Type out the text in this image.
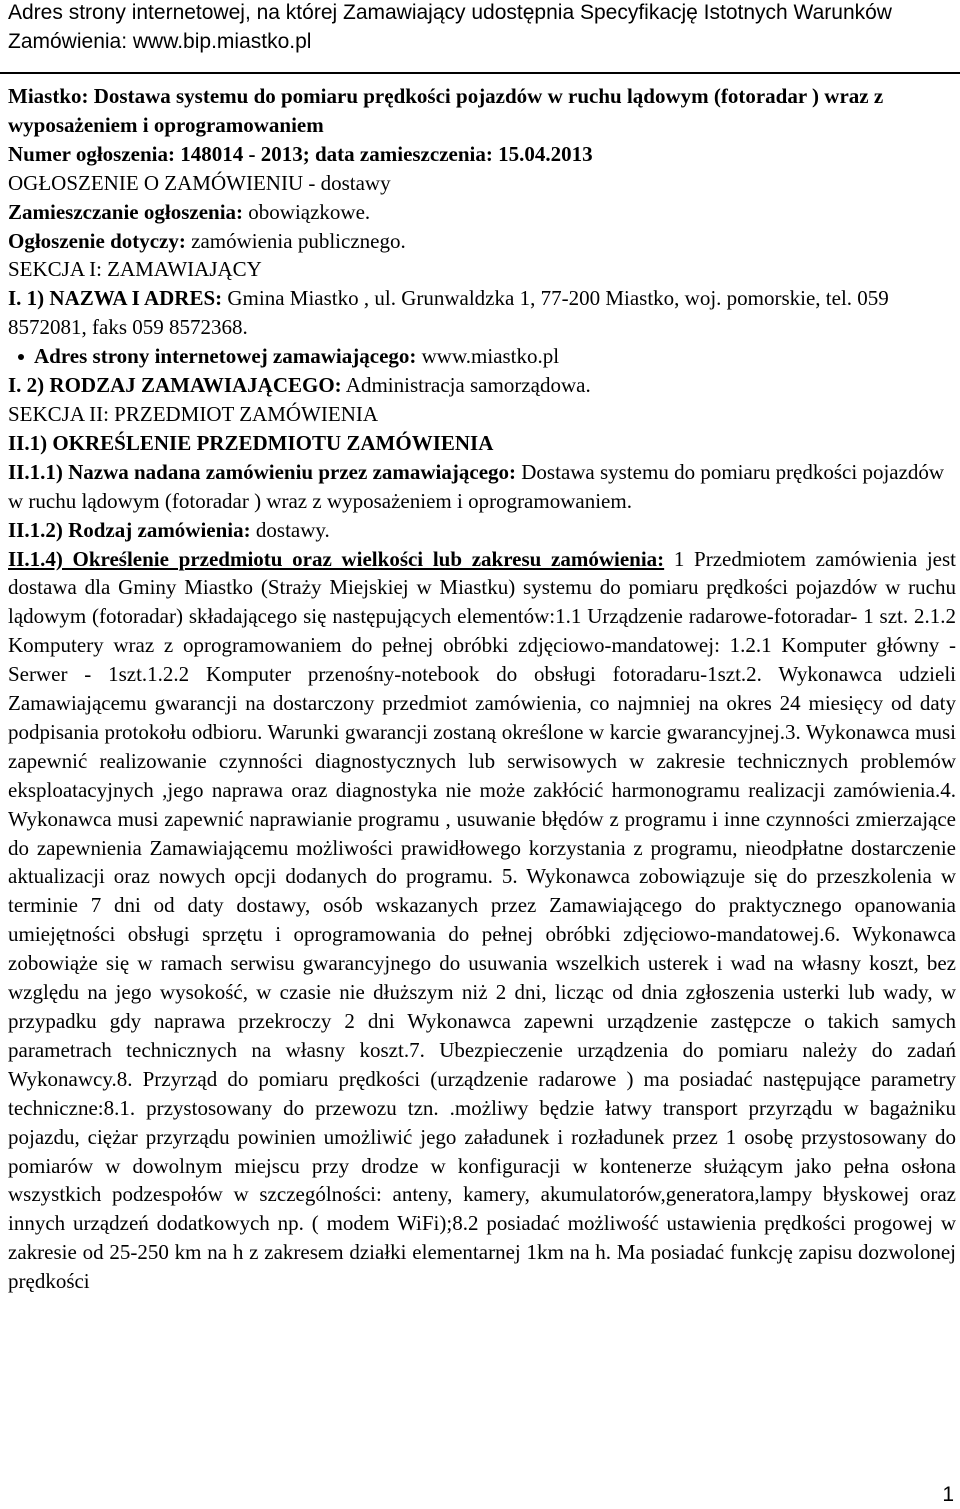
Adres strony internetowej, na której Zamawiający udostępnia Specyfikację Istotnych Warunków Zamówienia: www.bip.miastko.pl

Miastko: Dostawa systemu do pomiaru prędkości pojazdów w ruchu lądowym (fotoradar ) wraz z wyposażeniem i oprogramowaniem

Numer ogłoszenia: 148014 - 2013; data zamieszczenia: 15.04.2013

OGŁOSZENIE O ZAMÓWIENIU - dostawy

Zamieszczanie ogłoszenia: obowiązkowe.

Ogłoszenie dotyczy: zamówienia publicznego.

SEKCJA I: ZAMAWIAJĄCY

I. 1) NAZWA I ADRES: Gmina Miastko , ul. Grunwaldzka 1, 77-200 Miastko, woj. pomorskie, tel. 059 8572081, faks 059 8572368.

Adres strony internetowej zamawiającego: www.miastko.pl

I. 2) RODZAJ ZAMAWIAJĄCEGO: Administracja samorządowa.

SEKCJA II: PRZEDMIOT ZAMÓWIENIA

II.1) OKREŚLENIE PRZEDMIOTU ZAMÓWIENIA

II.1.1) Nazwa nadana zamówieniu przez zamawiającego: Dostawa systemu do pomiaru prędkości pojazdów w ruchu lądowym (fotoradar ) wraz z wyposażeniem i oprogramowaniem.

II.1.2) Rodzaj zamówienia: dostawy.

II.1.4) Określenie przedmiotu oraz wielkości lub zakresu zamówienia: 1 Przedmiotem zamówienia jest dostawa dla Gminy Miastko (Straży Miejskiej w Miastku) systemu do pomiaru prędkości pojazdów w ruchu lądowym (fotoradar) składającego się następujących elementów:1.1 Urządzenie radarowe-fotoradar- 1 szt. 2.1.2 Komputery wraz z oprogramowaniem do pełnej obróbki zdjęciowo-mandatowej: 1.2.1 Komputer główny - Serwer - 1szt.1.2.2 Komputer przenośny-notebook do obsługi fotoradaru-1szt.2. Wykonawca udzieli Zamawiającemu gwarancji na dostarczony przedmiot zamówienia, co najmniej na okres 24 miesięcy od daty podpisania protokołu odbioru. Warunki gwarancji zostaną określone w karcie gwarancyjnej.3. Wykonawca musi zapewnić realizowanie czynności diagnostycznych lub serwisowych w zakresie technicznych problemów eksploatacyjnych ,jego naprawa oraz diagnostyka nie może zakłócić harmonogramu realizacji zamówienia.4. Wykonawca musi zapewnić naprawianie programu , usuwanie błędów z programu i inne czynności zmierzające do zapewnienia Zamawiającemu możliwości prawidłowego korzystania z programu, nieodpłatne dostarczenie aktualizacji oraz nowych opcji dodanych do programu. 5. Wykonawca zobowiązuje się do przeszkolenia w terminie 7 dni od daty dostawy, osób wskazanych przez Zamawiającego do praktycznego opanowania umiejętności obsługi sprzętu i oprogramowania do pełnej obróbki zdjęciowo-mandatowej.6. Wykonawca zobowiąże się w ramach serwisu gwarancyjnego do usuwania wszelkich usterek i wad na własny koszt, bez względu na jego wysokość, w czasie nie dłuższym niż 2 dni, licząc od dnia zgłoszenia usterki lub wady, w przypadku gdy naprawa przekroczy 2 dni Wykonawca zapewni urządzenie zastępcze o takich samych parametrach technicznych na własny koszt.7. Ubezpieczenie urządzenia do pomiaru należy do zadań Wykonawcy.8. Przyrząd do pomiaru prędkości (urządzenie radarowe ) ma posiadać następujące parametry techniczne:8.1. przystosowany do przewozu tzn. .możliwy będzie łatwy transport przyrządu w bagażniku pojazdu, ciężar przyrządu powinien umożliwić jego załadunek i rozładunek przez 1 osobę przystosowany do pomiarów w dowolnym miejscu przy drodze w konfiguracji w kontenerze służącym jako pełna osłona wszystkich podzespołów w szczególności: anteny, kamery, akumulatorów,generatora,lampy błyskowej oraz innych urządzeń dodatkowych np. ( modem WiFi);8.2 posiadać możliwość ustawienia prędkości progowej w zakresie od 25-250 km na h z zakresem działki elementarnej 1km na h. Ma posiadać funkcję zapisu dozwolonej prędkości

1
